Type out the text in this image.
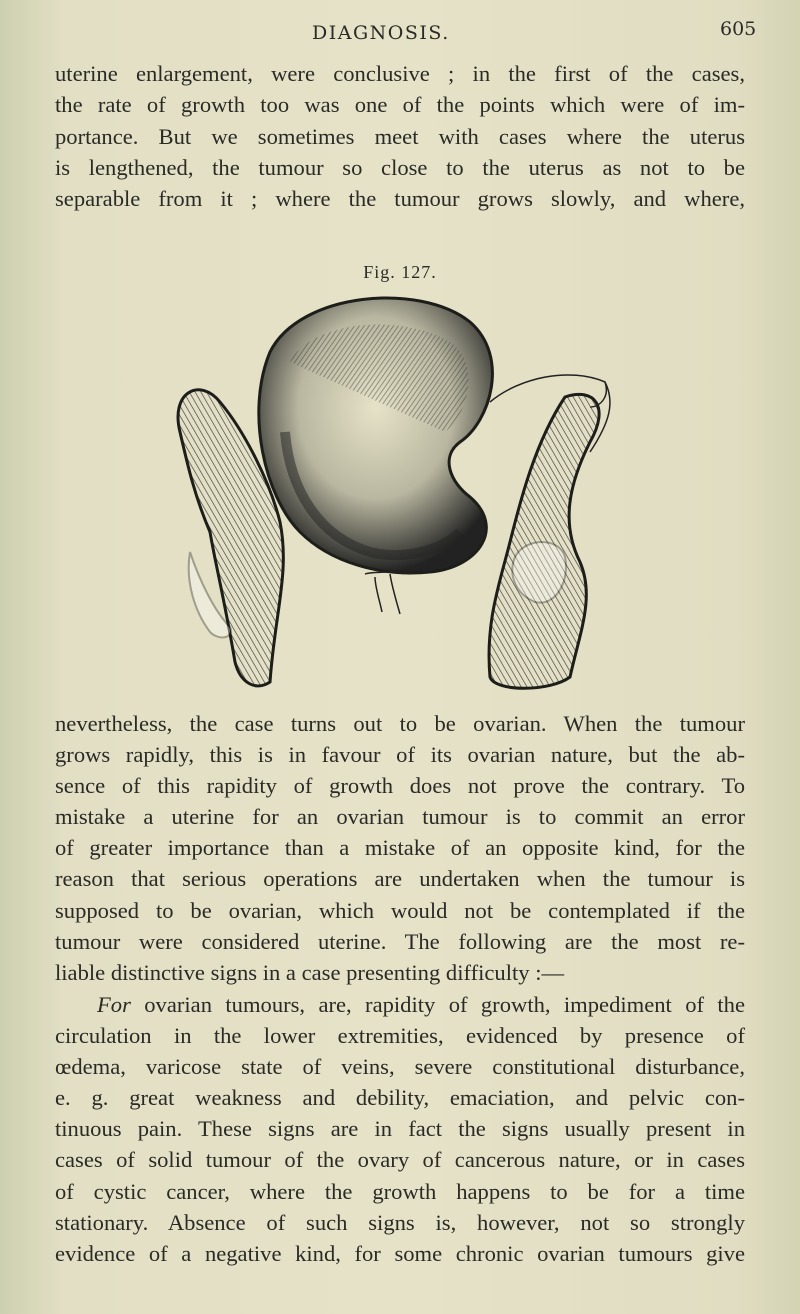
DIAGNOSIS.	605

uterine enlargement, were conclusive ; in the first of the cases,
the rate of growth too was one of the points which were of im-
portance. But we sometimes meet with cases where the uterus
is lengthened, the tumour so close to the uterus as not to be
separable from it ; where the tumour grows slowly, and where,

Fig. 127.

nevertheless, the case turns out to be ovarian. When the tumour
grows rapidly, this is in favour of its ovarian nature, but the ab-
sence of this rapidity of growth does not prove the contrary. To
mistake a uterine for an ovarian tumour is to commit an error
of greater importance than a mistake of an opposite kind, for the
reason that serious operations are undertaken when the tumour is
supposed to be ovarian, which would not be contemplated if the
tumour were considered uterine. The following are the most re-
liable distinctive signs in a case presenting difficulty :—

For ovarian tumours, are, rapidity of growth, impediment of the
circulation in the lower extremities, evidenced by presence of
œdema, varicose state of veins, severe constitutional disturbance,
e. g. great weakness and debility, emaciation, and pelvic con-
tinuous pain. These signs are in fact the signs usually present in
cases of solid tumour of the ovary of cancerous nature, or in cases
of cystic cancer, where the growth happens to be for a time
stationary. Absence of such signs is, however, not so strongly
evidence of a negative kind, for some chronic ovarian tumours give
